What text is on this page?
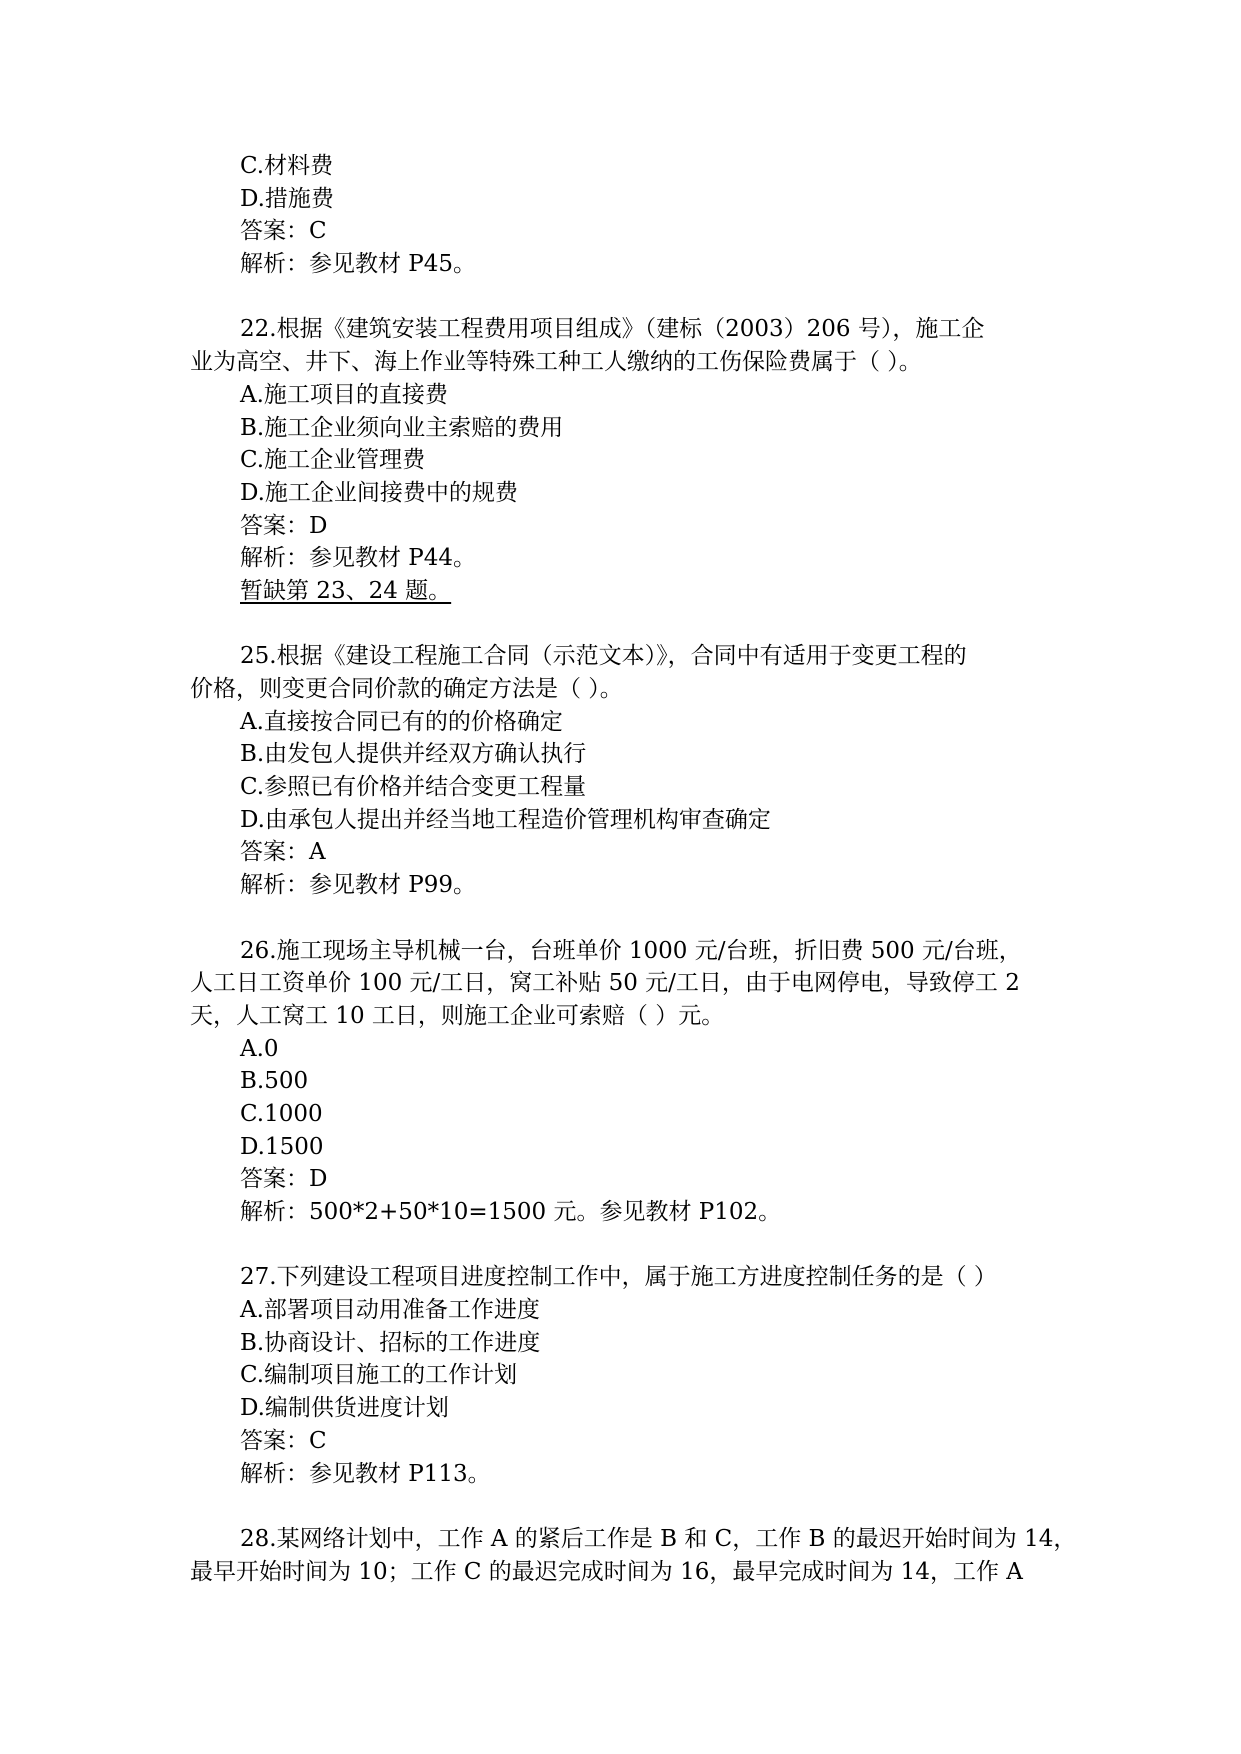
C.材料费
D.措施费
答案：C
解析：参见教材 P45。
22.根据《建筑安装工程费用项目组成》（建标（2003）206 号），施工企
业为高空、井下、海上作业等特殊工种工人缴纳的工伤保险费属于（ ）。
A.施工项目的直接费
B.施工企业须向业主索赔的费用
C.施工企业管理费
D.施工企业间接费中的规费
答案：D
解析：参见教材 P44。
暂缺第 23、24 题。
25.根据《建设工程施工合同（示范文本）》，合同中有适用于变更工程的
价格，则变更合同价款的确定方法是（ ）。
A.直接按合同已有的的价格确定
B.由发包人提供并经双方确认执行
C.参照已有价格并结合变更工程量
D.由承包人提出并经当地工程造价管理机构审查确定
答案：A
解析：参见教材 P99。
26.施工现场主导机械一台，台班单价 1000 元/台班，折旧费 500 元/台班，
人工日工资单价 100 元/工日，窝工补贴 50 元/工日，由于电网停电，导致停工 2
天，人工窝工 10 工日，则施工企业可索赔（ ）元。
A.0
B.500
C.1000
D.1500
答案：D
解析：500*2+50*10=1500 元。参见教材 P102。
27.下列建设工程项目进度控制工作中，属于施工方进度控制任务的是（ ）
A.部署项目动用准备工作进度
B.协商设计、招标的工作进度
C.编制项目施工的工作计划
D.编制供货进度计划
答案：C
解析：参见教材 P113。
28.某网络计划中，工作 A 的紧后工作是 B 和 C，工作 B 的最迟开始时间为 14，
最早开始时间为 10；工作 C 的最迟完成时间为 16，最早完成时间为 14，工作 A
